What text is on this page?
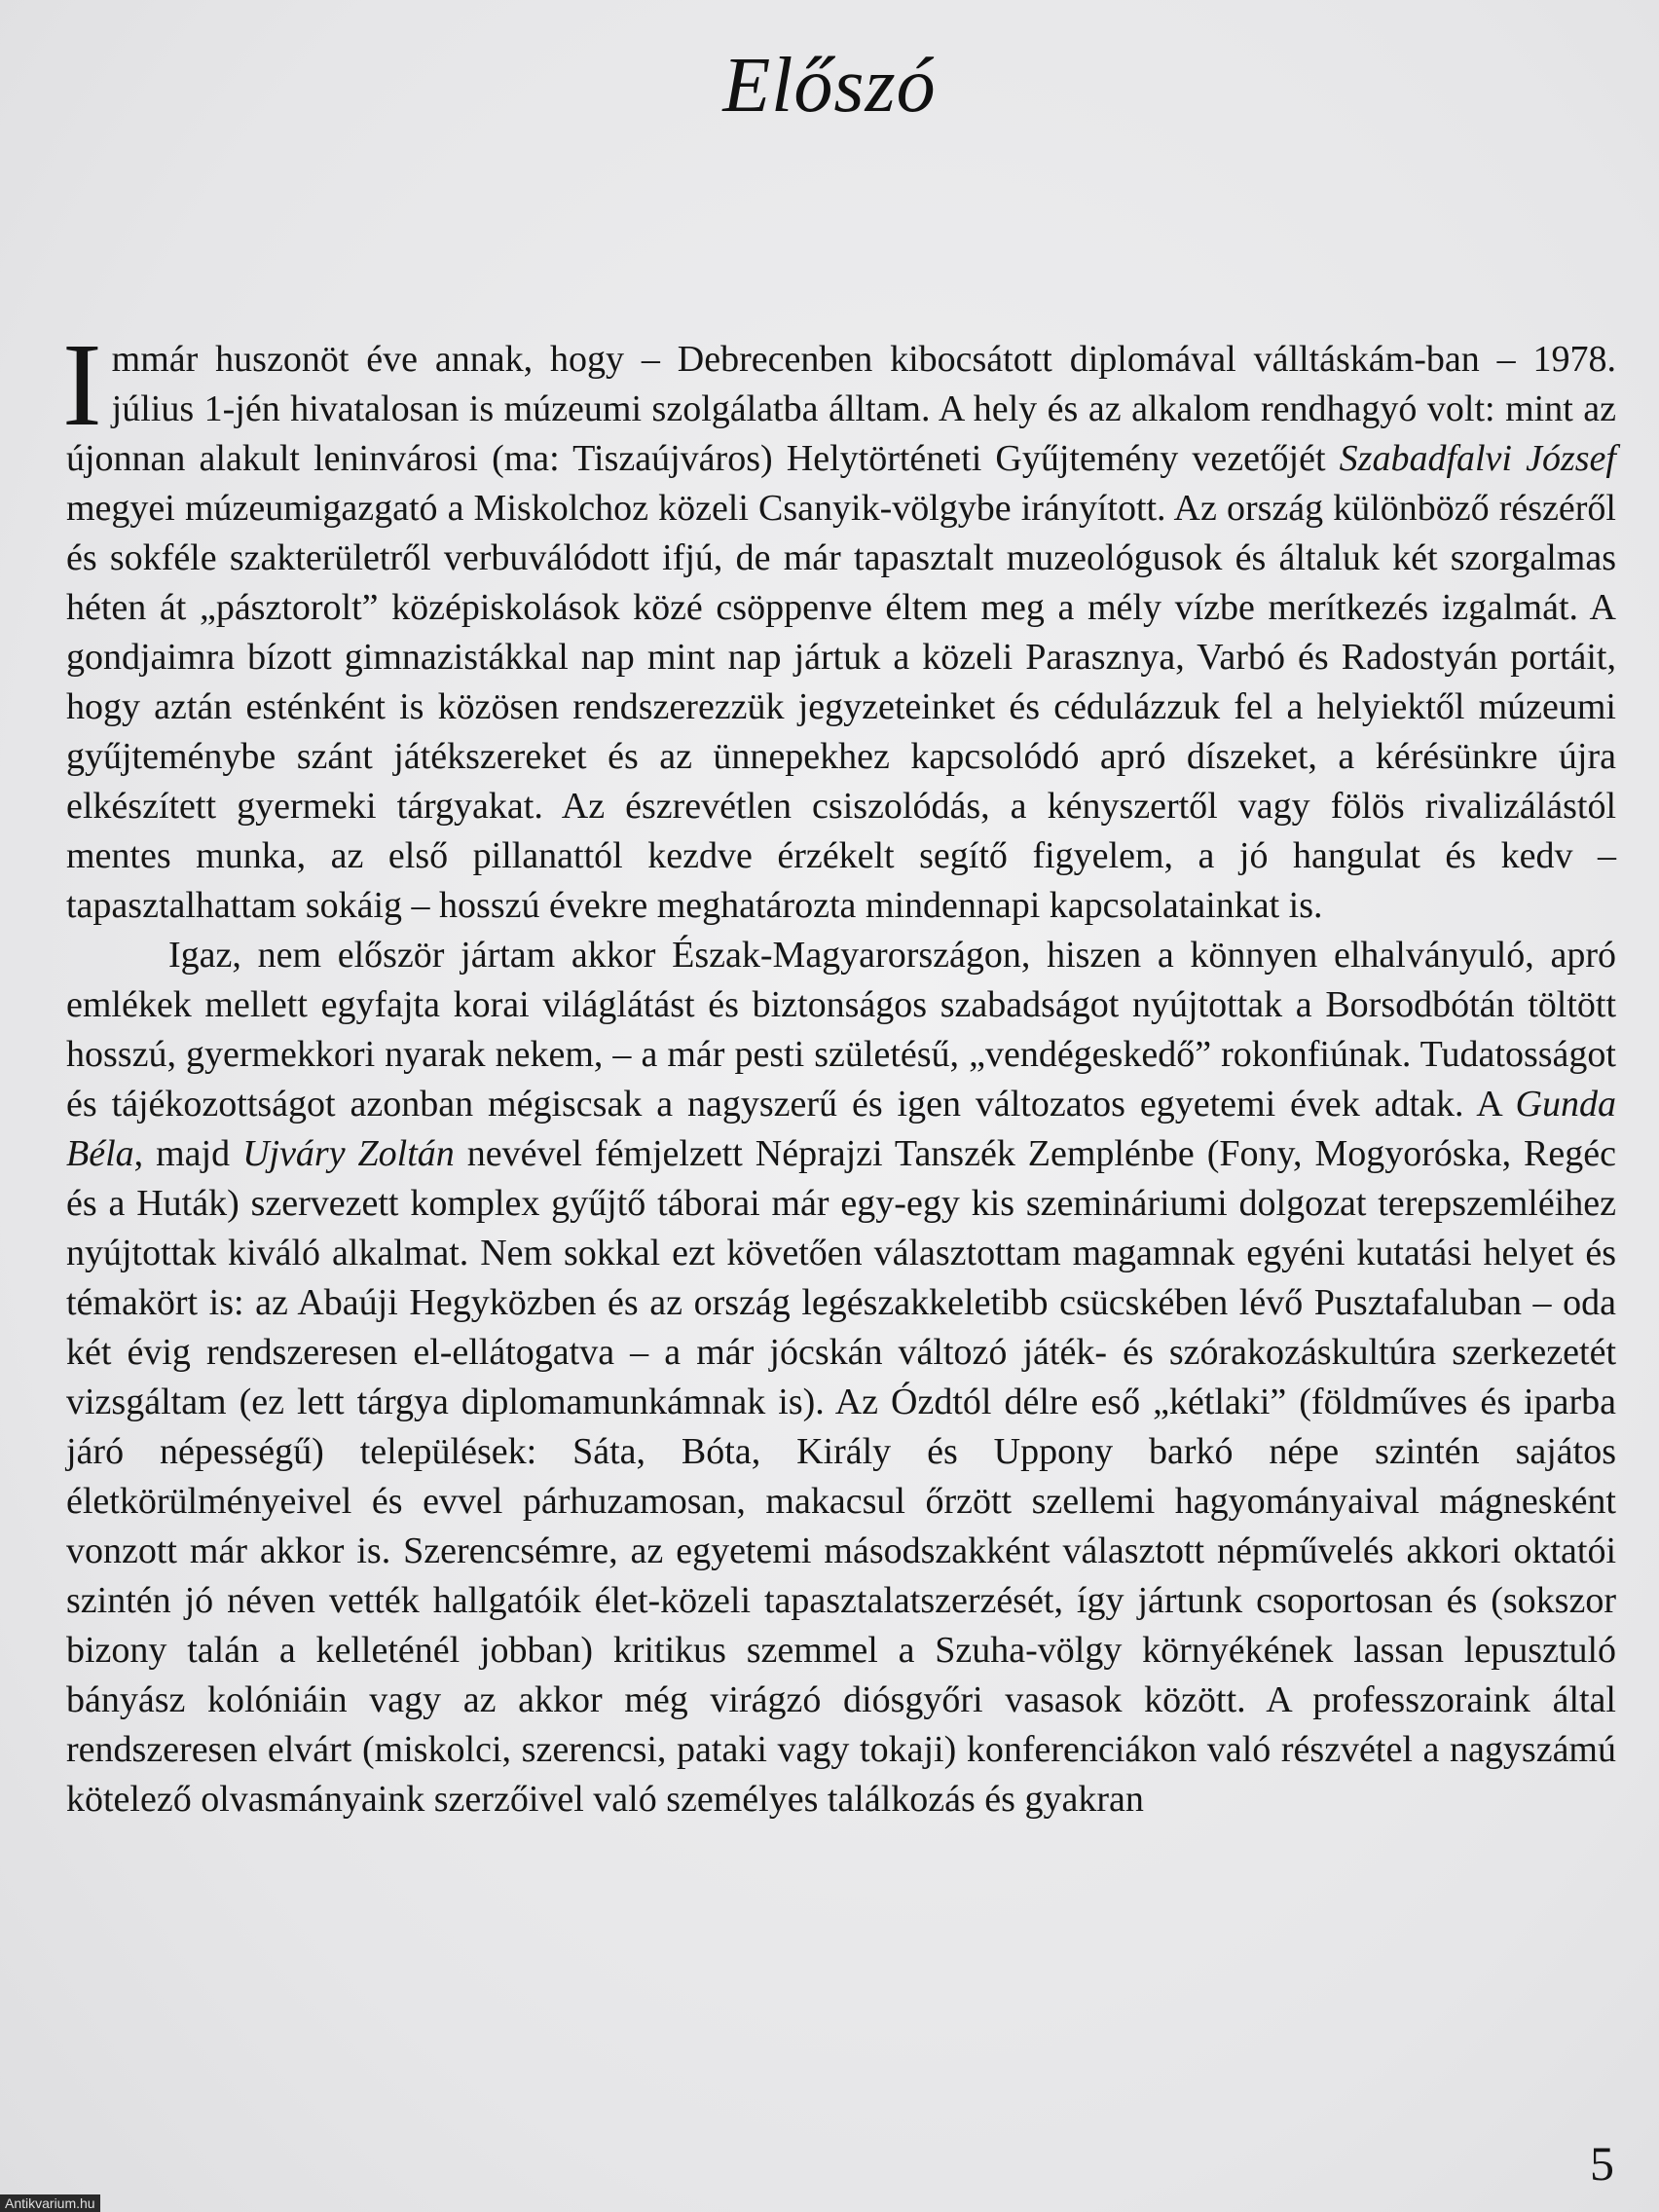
Előszó

Immár huszonöt éve annak, hogy – Debrecenben kibocsátott diplomával válltáskám-ban – 1978. július 1-jén hivatalosan is múzeumi szolgálatba álltam. A hely és az alkalom rendhagyó volt: mint az újonnan alakult leninvárosi (ma: Tiszaújváros) Helytörténeti Gyűjtemény vezetőjét Szabadfalvi József megyei múzeumigazgató a Miskolchoz közeli Csanyik-völgybe irányított. Az ország különböző részéről és sokféle szakterületről verbuválódott ifjú, de már tapasztalt muzeológusok és általuk két szorgalmas héten át „pásztorolt” középiskolások közé csöppenve éltem meg a mély vízbe merítkezés izgalmát. A gondjaimra bízott gimnazistákkal nap mint nap jártuk a közeli Parasznya, Varbó és Radostyán portáit, hogy aztán esténként is közösen rendszerezzük jegyzeteinket és cédulázzuk fel a helyiektől múzeumi gyűjteménybe szánt játékszereket és az ünnepekhez kapcsolódó apró díszeket, a kérésünkre újra elkészített gyermeki tárgyakat. Az észrevétlen csiszolódás, a kényszertől vagy fölös rivalizálástól mentes munka, az első pillanattól kezdve érzékelt segítő figyelem, a jó hangulat és kedv – tapasztalhattam sokáig – hosszú évekre meghatározta mindennapi kapcsolatainkat is.

Igaz, nem először jártam akkor Észak-Magyarországon, hiszen a könnyen elhalványuló, apró emlékek mellett egyfajta korai világlátást és biztonságos szabadságot nyújtottak a Borsodbótán töltött hosszú, gyermekkori nyarak nekem, – a már pesti születésű, „vendégeskedő” rokonfiúnak. Tudatosságot és tájékozottságot azonban mégiscsak a nagyszerű és igen változatos egyetemi évek adtak. A Gunda Béla, majd Ujváry Zoltán nevével fémjelzett Néprajzi Tanszék Zemplénbe (Fony, Mogyoróska, Regéc és a Huták) szervezett komplex gyűjtő táborai már egy-egy kis szemináriumi dolgozat terepszemléihez nyújtottak kiváló alkalmat. Nem sokkal ezt követően választottam magamnak egyéni kutatási helyet és témakört is: az Abaúji Hegyközben és az ország legészakkeletibb csücskében lévő Pusztafaluban – oda két évig rendszeresen el-ellátogatva – a már jócskán változó játék- és szórakozáskultúra szerkezetét vizsgáltam (ez lett tárgya diplomamunkámnak is). Az Ózdtól délre eső „kétlaki” (földműves és iparba járó népességű) települések: Sáta, Bóta, Király és Uppony barkó népe szintén sajátos életkörülményeivel és evvel párhuzamosan, makacsul őrzött szellemi hagyományaival mágnesként vonzott már akkor is. Szerencsémre, az egyetemi másodszakként választott népművelés akkori oktatói szintén jó néven vették hallgatóik élet-közeli tapasztalatszerzését, így jártunk csoportosan és (sokszor bizony talán a kelleténél jobban) kritikus szemmel a Szuha-völgy környékének lassan lepusztuló bányász kolóniáin vagy az akkor még virágzó diósgyőri vasasok között. A professzoraink által rendszeresen elvárt (miskolci, szerencsi, pataki vagy tokaji) konferenciákon való részvétel a nagyszámú kötelező olvasmányaink szerzőivel való személyes találkozás és gyakran

5
Antikvarium.hu
